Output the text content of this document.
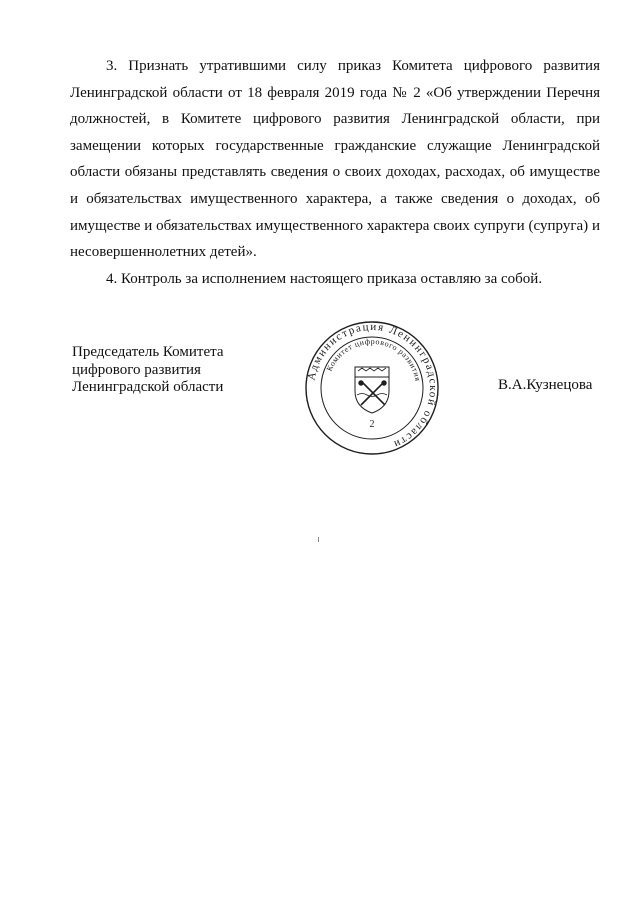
3. Признать утратившими силу приказ Комитета цифрового развития Ленинградской области от 18 февраля 2019 года № 2 «Об утверждении Перечня должностей, в Комитете цифрового развития Ленинградской области, при замещении которых государственные гражданские служащие Ленинградской области обязаны представлять сведения о своих доходах, расходах, об имуществе и обязательствах имущественного характера, а также сведения о доходах, об имуществе и обязательствах имущественного характера своих супруги (супруга) и несовершеннолетних детей».

4. Контроль за исполнением настоящего приказа оставляю за собой.

Председатель Комитета
цифрового развития
Ленинградской области
Администрация Ленинградской области
Комитет цифрового развития
2
В.А.Кузнецова
